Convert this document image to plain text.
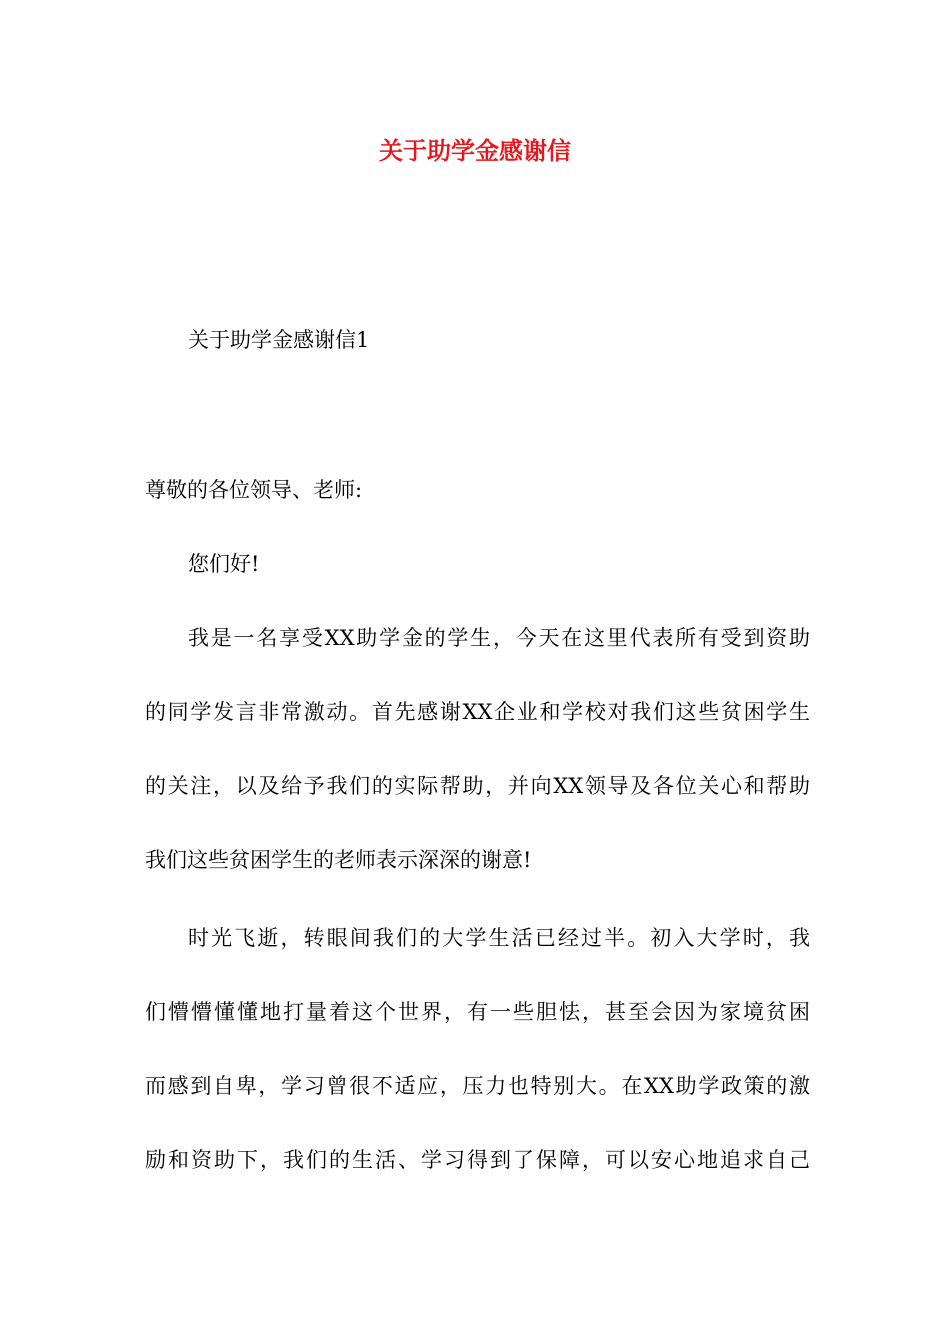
关于助学金感谢信
关于助学金感谢信1
尊敬的各位领导、老师:
您们好!
我是一名享受XX助学金的学生，今天在这里代表所有受到资助
的同学发言非常激动。首先感谢XX企业和学校对我们这些贫困学生
的关注，以及给予我们的实际帮助，并向XX领导及各位关心和帮助
我们这些贫困学生的老师表示深深的谢意!
时光飞逝，转眼间我们的大学生活已经过半。初入大学时，我
们懵懵懂懂地打量着这个世界，有一些胆怯，甚至会因为家境贫困
而感到自卑，学习曾很不适应，压力也特别大。在XX助学政策的激
励和资助下，我们的生活、学习得到了保障，可以安心地追求自己
